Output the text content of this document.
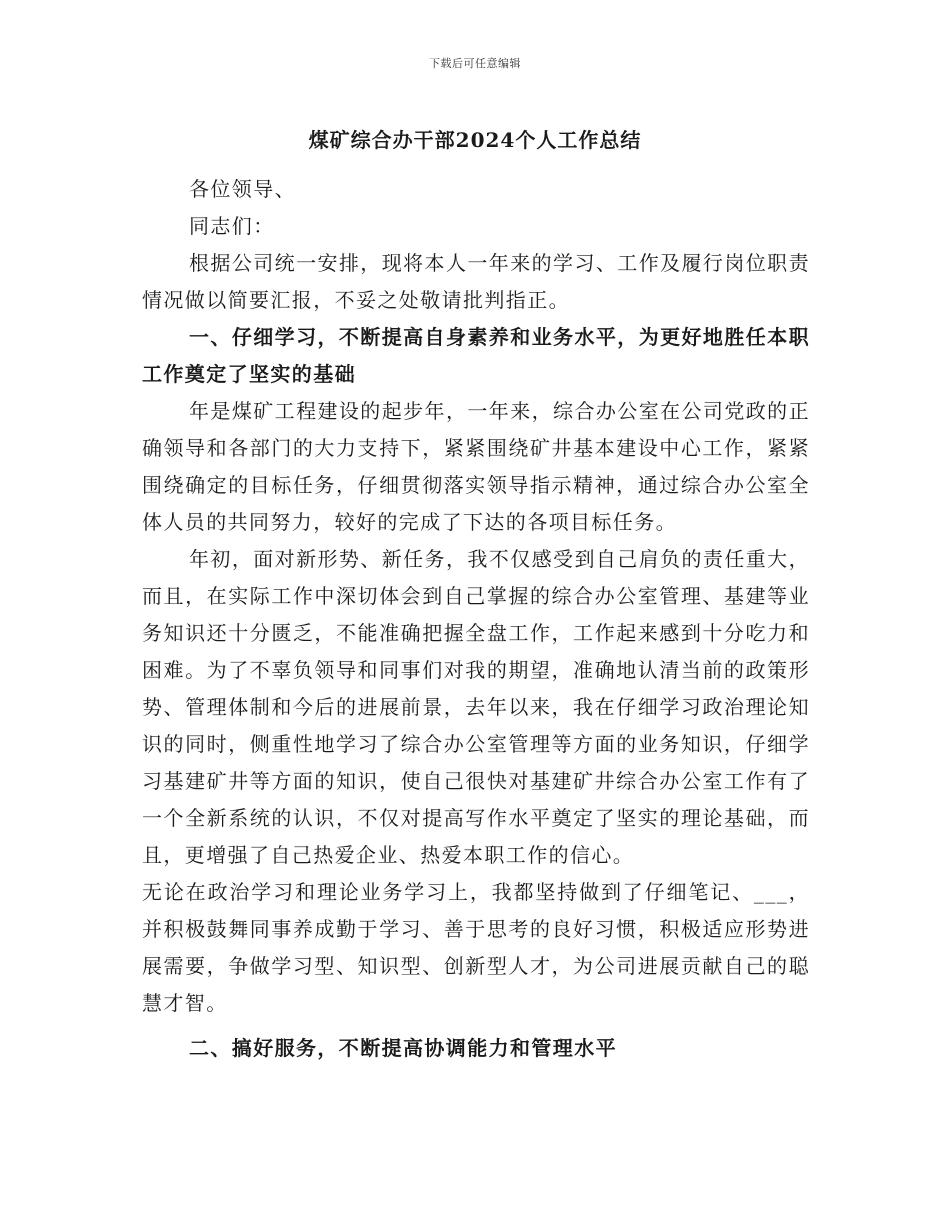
下载后可任意编辑
煤矿综合办干部2024个人工作总结

各位领导、

同志们：

根据公司统一安排，现将本人一年来的学习、工作及履行岗位职责情况做以简要汇报，不妥之处敬请批判指正。

一、仔细学习，不断提高自身素养和业务水平，为更好地胜任本职工作奠定了坚实的基础

年是煤矿工程建设的起步年，一年来，综合办公室在公司党政的正确领导和各部门的大力支持下，紧紧围绕矿井基本建设中心工作，紧紧围绕确定的目标任务，仔细贯彻落实领导指示精神，通过综合办公室全体人员的共同努力，较好的完成了下达的各项目标任务。

年初，面对新形势、新任务，我不仅感受到自己肩负的责任重大，而且，在实际工作中深切体会到自己掌握的综合办公室管理、基建等业务知识还十分匮乏，不能准确把握全盘工作，工作起来感到十分吃力和困难。为了不辜负领导和同事们对我的期望，准确地认清当前的政策形势、管理体制和今后的进展前景，去年以来，我在仔细学习政治理论知识的同时，侧重性地学习了综合办公室管理等方面的业务知识，仔细学习基建矿井等方面的知识，使自己很快对基建矿井综合办公室工作有了一个全新系统的认识，不仅对提高写作水平奠定了坚实的理论基础，而且，更增强了自己热爱企业、热爱本职工作的信心。

无论在政治学习和理论业务学习上，我都坚持做到了仔细笔记、___，并积极鼓舞同事养成勤于学习、善于思考的良好习惯，积极适应形势进展需要，争做学习型、知识型、创新型人才，为公司进展贡献自己的聪慧才智。

二、搞好服务，不断提高协调能力和管理水平
